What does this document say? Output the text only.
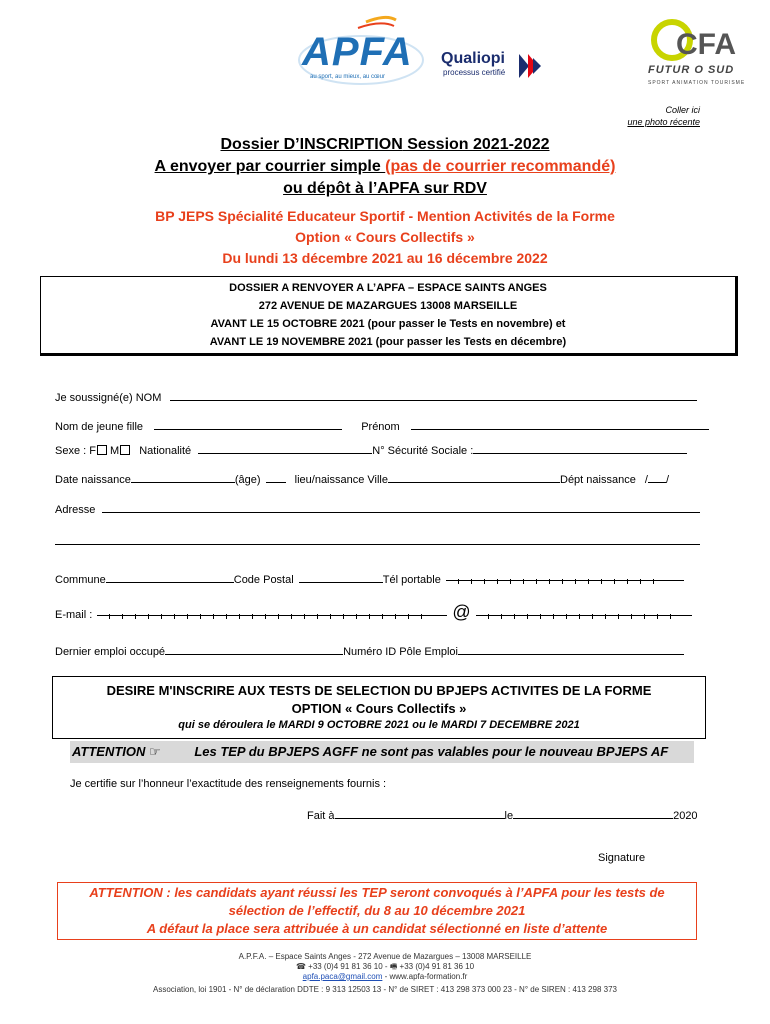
APFA
au sport, au mieux, au cœur
Qualiopi
processus certifié
CFA
FUTUR O SUD
SPORT ANIMATION TOURISME
Coller ici
une photo récente
Dossier D’INSCRIPTION Session 2021-2022
A envoyer par courrier simple (pas de courrier recommandé)
ou dépôt à l’APFA sur RDV
BP JEPS Spécialité Educateur Sportif - Mention Activités de la Forme
Option « Cours Collectifs »
Du lundi 13 décembre 2021 au 16 décembre 2022
DOSSIER A RENVOYER A L’APFA – ESPACE SAINTS ANGES
272 AVENUE DE MAZARGUES 13008 MARSEILLE
AVANT LE 15 OCTOBRE 2021 (pour passer le Tests en novembre) et
AVANT LE 19 NOVEMBRE 2021 (pour passer les Tests en décembre)
Je soussigné(e) NOM
Nom de jeune fille	Prénom
Sexe : F M Nationalité	N° Sécurité Sociale :
Date naissance	(âge)	lieu/naissance Ville	Dépt naissance / /
Adresse
Commune	Code Postal	Tél portable
E-mail :	@
Dernier emploi occupé	Numéro ID Pôle Emploi
DESIRE M'INSCRIRE AUX TESTS DE SELECTION DU BPJEPS ACTIVITES DE LA FORME
OPTION « Cours Collectifs »
qui se déroulera le MARDI 9 OCTOBRE 2021 ou le MARDI 7 DECEMBRE 2021
ATTENTION ☞	Les TEP du BPJEPS AGFF ne sont pas valables pour le nouveau BPJEPS AF
Je certifie sur l’honneur l’exactitude des renseignements fournis :
Fait à	le	2020
Signature
ATTENTION : les candidats ayant réussi les TEP seront convoqués à l’APFA pour les tests de
sélection de l’effectif, du 8 au 10 décembre 2021
A défaut la place sera attribuée à un candidat sélectionné en liste d’attente
A.P.F.A. – Espace Saints Anges - 272 Avenue de Mazargues – 13008 MARSEILLE
☎ +33 (0)4 91 81 36 10 - 🖷 +33 (0)4 91 81 36 10
apfa.paca@gmail.com - www.apfa-formation.fr
Association, loi 1901 - N° de déclaration DDTE : 9 313 12503 13 - N° de SIRET : 413 298 373 000 23 - N° de SIREN : 413 298 373
